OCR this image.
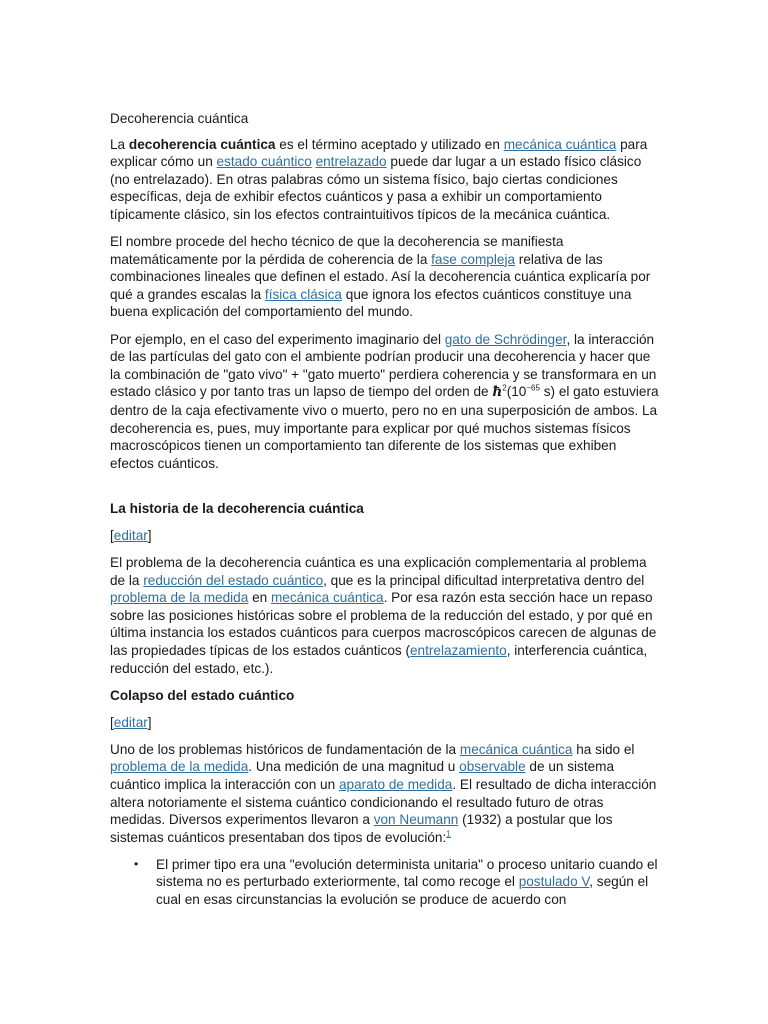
Decoherencia cuántica

La decoherencia cuántica es el término aceptado y utilizado en mecánica cuántica para explicar cómo un estado cuántico entrelazado puede dar lugar a un estado físico clásico (no entrelazado). En otras palabras cómo un sistema físico, bajo ciertas condiciones específicas, deja de exhibir efectos cuánticos y pasa a exhibir un comportamiento típicamente clásico, sin los efectos contraintuitivos típicos de la mecánica cuántica.

El nombre procede del hecho técnico de que la decoherencia se manifiesta matemáticamente por la pérdida de coherencia de la fase compleja relativa de las combinaciones lineales que definen el estado. Así la decoherencia cuántica explicaría por qué a grandes escalas la física clásica que ignora los efectos cuánticos constituye una buena explicación del comportamiento del mundo.

Por ejemplo, en el caso del experimento imaginario del gato de Schrödinger, la interacción de las partículas del gato con el ambiente podrían producir una decoherencia y hacer que la combinación de "gato vivo" + "gato muerto" perdiera coherencia y se transformara en un estado clásico y por tanto tras un lapso de tiempo del orden de $ħ^2(10^{-65}$ s) el gato estuviera dentro de la caja efectivamente vivo o muerto, pero no en una superposición de ambos. La decoherencia es, pues, muy importante para explicar por qué muchos sistemas físicos macroscópicos tienen un comportamiento tan diferente de los sistemas que exhiben efectos cuánticos.

La historia de la decoherencia cuántica

[editar]

El problema de la decoherencia cuántica es una explicación complementaria al problema de la reducción del estado cuántico, que es la principal dificultad interpretativa dentro del problema de la medida en mecánica cuántica. Por esa razón esta sección hace un repaso sobre las posiciones históricas sobre el problema de la reducción del estado, y por qué en última instancia los estados cuánticos para cuerpos macroscópicos carecen de algunas de las propiedades típicas de los estados cuánticos (entrelazamiento, interferencia cuántica, reducción del estado, etc.).

Colapso del estado cuántico

[editar]

Uno de los problemas históricos de fundamentación de la mecánica cuántica ha sido el problema de la medida. Una medición de una magnitud u observable de un sistema cuántico implica la interacción con un aparato de medida. El resultado de dicha interacción altera notoriamente el sistema cuántico condicionando el resultado futuro de otras medidas. Diversos experimentos llevaron a von Neumann (1932) a postular que los sistemas cuánticos presentaban dos tipos de evolución:$^1$

• El primer tipo era una "evolución determinista unitaria" o proceso unitario cuando el sistema no es perturbado exteriormente, tal como recoge el postulado V, según el cual en esas circunstancias la evolución se produce de acuerdo con
